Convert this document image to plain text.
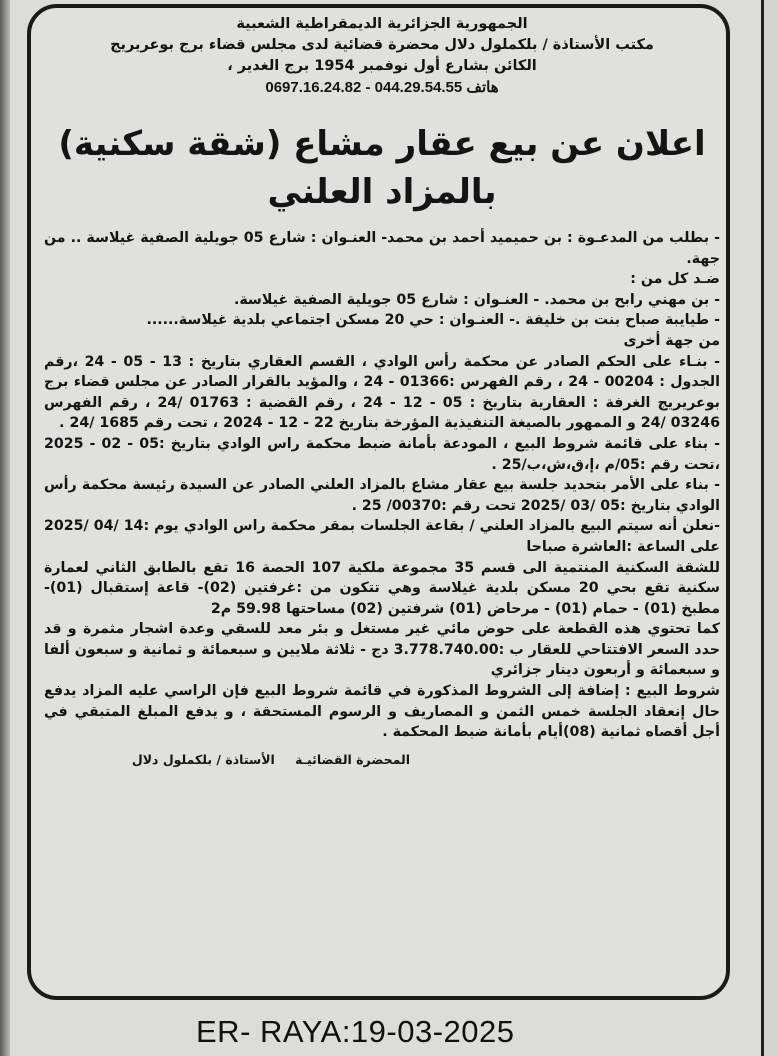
الجمهورية الجزائرية الديمقراطية الشعبية

مكتب الأستاذة / بلكملول دلال محضرة قضائية لدى مجلس قضاء برج بوعريريج

الكائن بشارع أول نوفمبر 1954 برج الغدير ،

هاتف 044.29.54.55 - 0697.16.24.82

اعلان عن بيع عقار مشاع (شقة سكنية) بالمزاد العلني

- بطلب من المدعـوة : بن حميميد أحمد بن محمد- العنـوان : شارع 05 جويلية الصفية غيلاسة .. من جهة.

ضـد كل من :

- بن مهني رابح بن محمد. - العنـوان : شارع 05 جويلية الصفية غيلاسة.

- طيايبة صباح بنت بن خليفة .- العنـوان : حي 20 مسكن اجتماعي بلدية غيلاسة......

من جهة أخرى

- بنـاء على الحكم الصادر عن محكمة رأس الوادي ، القسم العقاري بتاريخ : 13 - 05 - 24 ،رقم الجدول : 00204 - 24 ، رقم الفهرس :01366 - 24 ، والمؤيد بالقرار الصادر عن مجلس قضاء برج بوعريريج الغرفة : العقارية بتاريخ : 05 - 12 - 24 ، رقم القضية : 01763 /24 ، رقم الفهرس 03246 /24 و الممهور بالصيغة التنفيذية المؤرخة بتاريخ 22 - 12 - 2024 ، تحت رقم 1685 /24 .

- بناء على قائمة شروط البيع ، المودعة بأمانة ضبط محكمة راس الوادي بتاريخ :05 - 02 - 2025 ،تحت رقم :05/م ،إ،ق،ش،ب/25 .

- بناء على الأمر بتحديد جلسة بيع عقار مشاع بالمزاد العلني الصادر عن السيدة رئيسة محكمة رأس الوادي بتاريخ :05 /03 /2025 تحت رقم :00370/ 25 .

-نعلن أنه سيتم البيع بالمزاد العلني / بقاعة الجلسات بمقر محكمة راس الوادي يوم :14 /04 /2025 على الساعة :العاشرة صباحا

للشقة السكنية المنتمية الى قسم 35 مجموعة ملكية 107 الحصة 16 تقع بالطابق الثاني لعمارة سكنية تقع بحي 20 مسكن بلدية غيلاسة وهي تتكون من :غرفتين (02)- قاعة إستقبال (01)- مطبخ (01) - حمام (01) - مرحاض (01) شرفتين (02) مساحتها 59.98 م2

كما تحتوي هذه القطعة على حوض مائي غير مستغل و بئر معد للسقي وعدة اشجار مثمرة و قد حدد السعر الافتتاحي للعقار ب :3.778.740.00 دج - ثلاثة ملايين و سبعمائة و ثمانية و سبعون ألفا و سبعمائة و أربعون دينار جزائري

شروط البيع : إضافة إلى الشروط المذكورة في قائمة شروط البيع فإن الراسي عليه المزاد يدفع حال إنعقاد الجلسة خمس الثمن و المصاريف و الرسوم المستحقة ، و يدفع المبلغ المتبقي في أجل أقصاه ثمانية (08)أيام بأمانة ضبط المحكمة .

المحضرة القضائيـة الأستاذة / بلكملول دلال
ER- RAYA:19-03-2025
